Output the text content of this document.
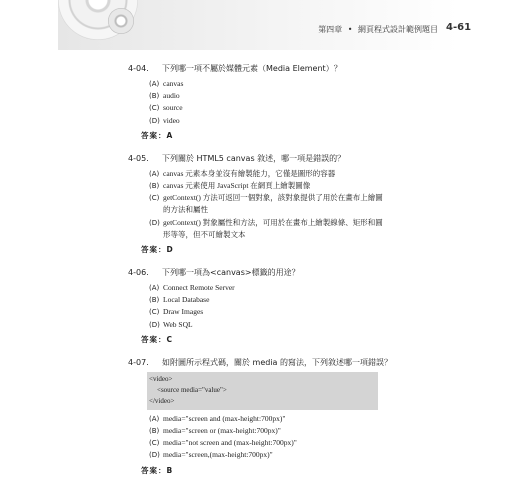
第四章 • 網頁程式設計範例題目 4-61
4-04. 下列哪一項不屬於媒體元素（Media Element）？
(A) canvas
(B) audio
(C) source
(D) video
答案：A
4-05. 下列關於 HTML5 canvas 敘述，哪一項是錯誤的？
(A) canvas 元素本身並沒有繪製能力，它僅是圖形的容器
(B) canvas 元素使用 JavaScript 在網頁上繪製圖像
(C) getContext() 方法可返回一個對象，該對象提供了用於在畫布上繪圖
的方法和屬性
(D) getContext() 對象屬性和方法，可用於在畫布上繪製線條、矩形和圓
形等等，但不可繪製文本
答案：D
4-06. 下列哪一項為<canvas>標籤的用途？
(A) Connect Remote Server
(B) Local Database
(C) Draw Images
(D) Web SQL
答案：C
4-07. 如附圖所示程式碼，關於 media 的寫法，下列敘述哪一項錯誤？
<video>
<source media="value">
</video>
(A) media="screen and (max-height:700px)"
(B) media="screen or (max-height:700px)"
(C) media="not screen and (max-height:700px)"
(D) media="screen,(max-height:700px)"
答案：B
